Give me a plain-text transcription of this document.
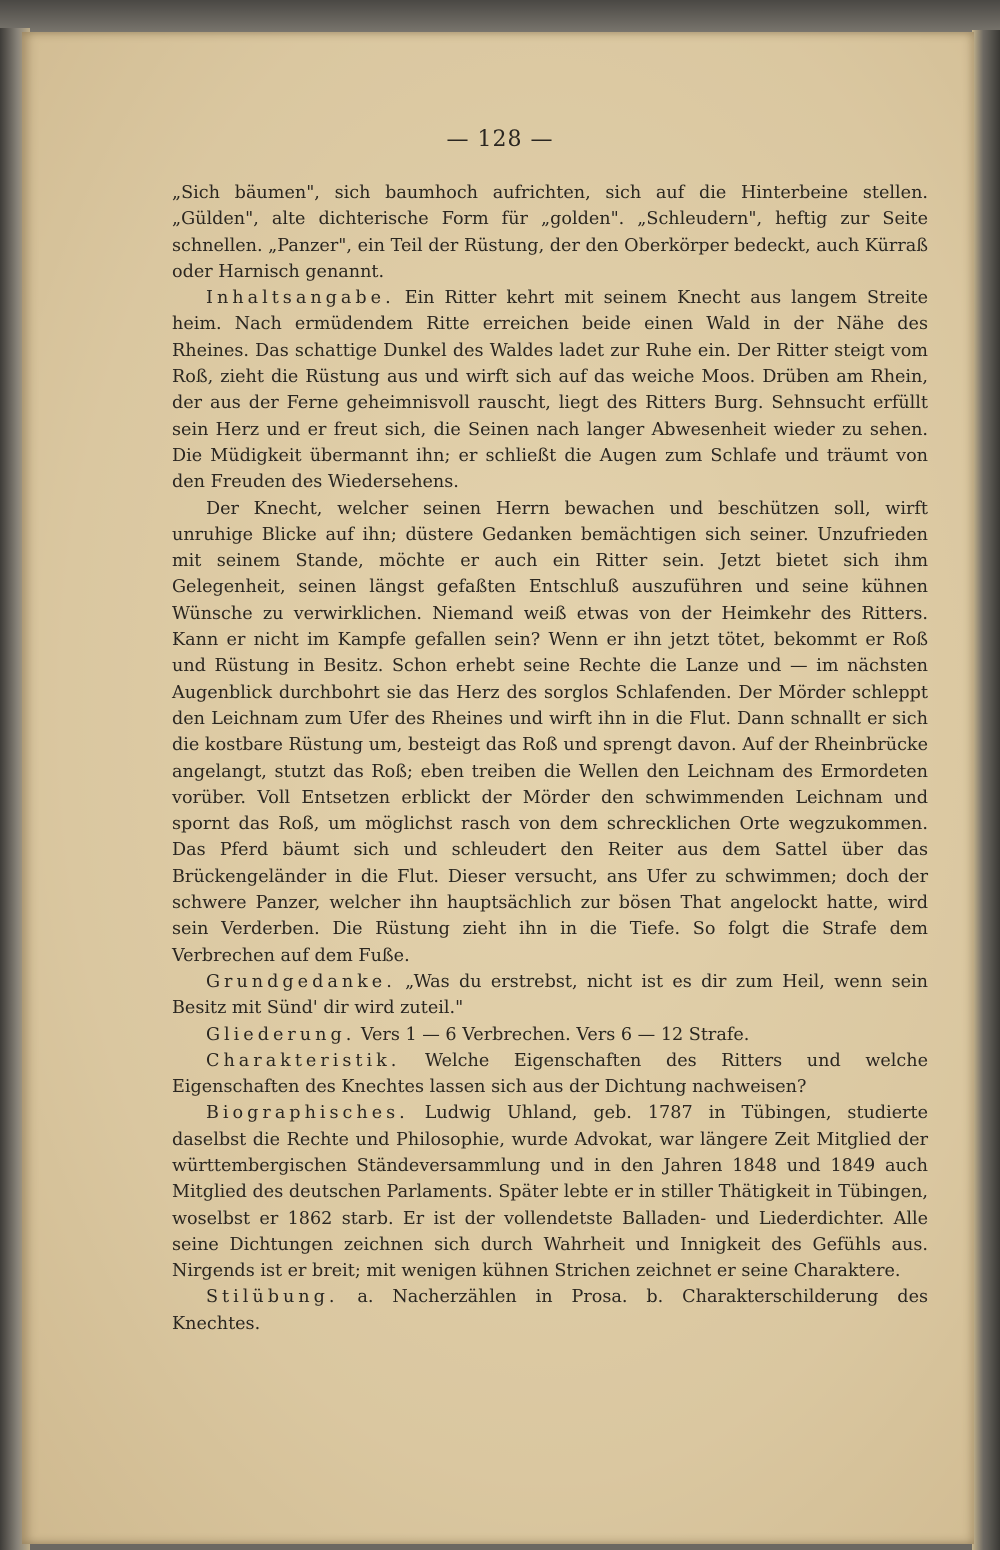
— 128 —

„Sich bäumen", sich baumhoch aufrichten, sich auf die Hinterbeine stellen. „Gülden", alte dichterische Form für „golden". „Schleudern", heftig zur Seite schnellen. „Panzer", ein Teil der Rüstung, der den Oberkörper bedeckt, auch Kürraß oder Harnisch genannt.

Inhaltsangabe. Ein Ritter kehrt mit seinem Knecht aus langem Streite heim. Nach ermüdendem Ritte erreichen beide einen Wald in der Nähe des Rheines. Das schattige Dunkel des Waldes ladet zur Ruhe ein. Der Ritter steigt vom Roß, zieht die Rüstung aus und wirft sich auf das weiche Moos. Drüben am Rhein, der aus der Ferne geheimnisvoll rauscht, liegt des Ritters Burg. Sehnsucht erfüllt sein Herz und er freut sich, die Seinen nach langer Abwesenheit wieder zu sehen. Die Müdigkeit übermannt ihn; er schließt die Augen zum Schlafe und träumt von den Freuden des Wiedersehens.

Der Knecht, welcher seinen Herrn bewachen und beschützen soll, wirft unruhige Blicke auf ihn; düstere Gedanken bemächtigen sich seiner. Unzufrieden mit seinem Stande, möchte er auch ein Ritter sein. Jetzt bietet sich ihm Gelegenheit, seinen längst gefaßten Entschluß auszuführen und seine kühnen Wünsche zu verwirklichen. Niemand weiß etwas von der Heimkehr des Ritters. Kann er nicht im Kampfe gefallen sein? Wenn er ihn jetzt tötet, bekommt er Roß und Rüstung in Besitz. Schon erhebt seine Rechte die Lanze und — im nächsten Augenblick durchbohrt sie das Herz des sorglos Schlafenden. Der Mörder schleppt den Leichnam zum Ufer des Rheines und wirft ihn in die Flut. Dann schnallt er sich die kostbare Rüstung um, besteigt das Roß und sprengt davon. Auf der Rheinbrücke angelangt, stutzt das Roß; eben treiben die Wellen den Leichnam des Ermordeten vorüber. Voll Entsetzen erblickt der Mörder den schwimmenden Leichnam und spornt das Roß, um möglichst rasch von dem schrecklichen Orte wegzukommen. Das Pferd bäumt sich und schleudert den Reiter aus dem Sattel über das Brückengeländer in die Flut. Dieser versucht, ans Ufer zu schwimmen; doch der schwere Panzer, welcher ihn hauptsächlich zur bösen That angelockt hatte, wird sein Verderben. Die Rüstung zieht ihn in die Tiefe. So folgt die Strafe dem Verbrechen auf dem Fuße.

Grundgedanke. „Was du erstrebst, nicht ist es dir zum Heil, wenn sein Besitz mit Sünd' dir wird zuteil."

Gliederung. Vers 1 — 6 Verbrechen. Vers 6 — 12 Strafe.

Charakteristik. Welche Eigenschaften des Ritters und welche Eigenschaften des Knechtes lassen sich aus der Dichtung nachweisen?

Biographisches. Ludwig Uhland, geb. 1787 in Tübingen, studierte daselbst die Rechte und Philosophie, wurde Advokat, war längere Zeit Mitglied der württembergischen Ständeversammlung und in den Jahren 1848 und 1849 auch Mitglied des deutschen Parlaments. Später lebte er in stiller Thätigkeit in Tübingen, woselbst er 1862 starb. Er ist der vollendetste Balladen- und Liederdichter. Alle seine Dichtungen zeichnen sich durch Wahrheit und Innigkeit des Gefühls aus. Nirgends ist er breit; mit wenigen kühnen Strichen zeichnet er seine Charaktere.

Stilübung. a. Nacherzählen in Prosa. b. Charakterschilderung des Knechtes.
